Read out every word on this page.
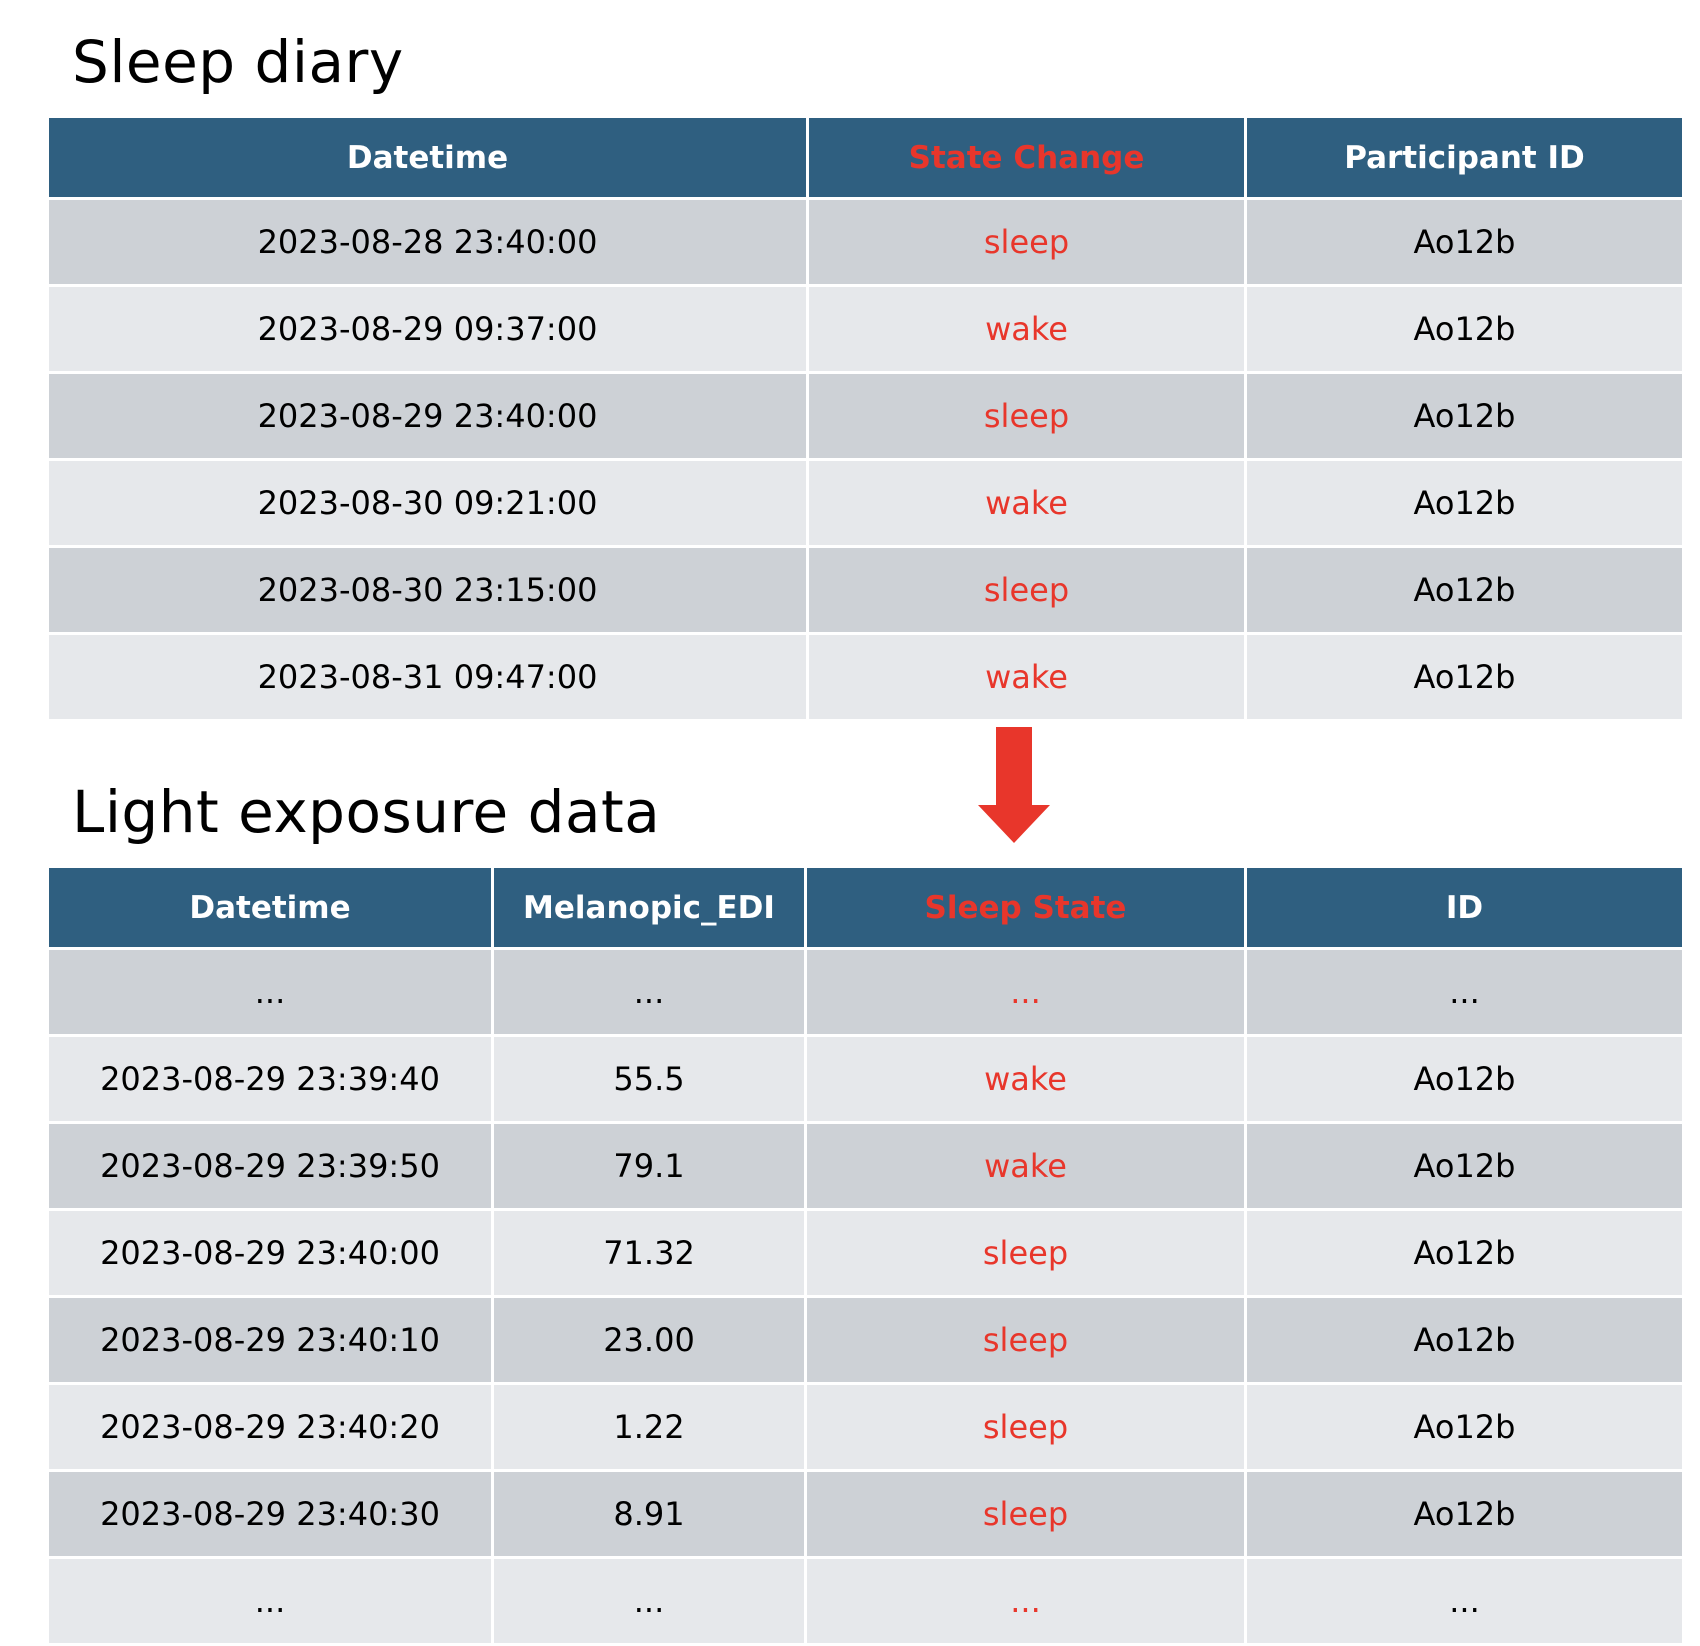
Sleep diary
Datetime	State Change	Participant ID
2023-08-28 23:40:00	sleep	Ao12b
2023-08-29 09:37:00	wake	Ao12b
2023-08-29 23:40:00	sleep	Ao12b
2023-08-30 09:21:00	wake	Ao12b
2023-08-30 23:15:00	sleep	Ao12b
2023-08-31 09:47:00	wake	Ao12b
Light exposure data
Datetime	Melanopic_EDI	Sleep State	ID
...	...	...	...
2023-08-29 23:39:40	55.5	wake	Ao12b
2023-08-29 23:39:50	79.1	wake	Ao12b
2023-08-29 23:40:00	71.32	sleep	Ao12b
2023-08-29 23:40:10	23.00	sleep	Ao12b
2023-08-29 23:40:20	1.22	sleep	Ao12b
2023-08-29 23:40:30	8.91	sleep	Ao12b
...	...	...	...
